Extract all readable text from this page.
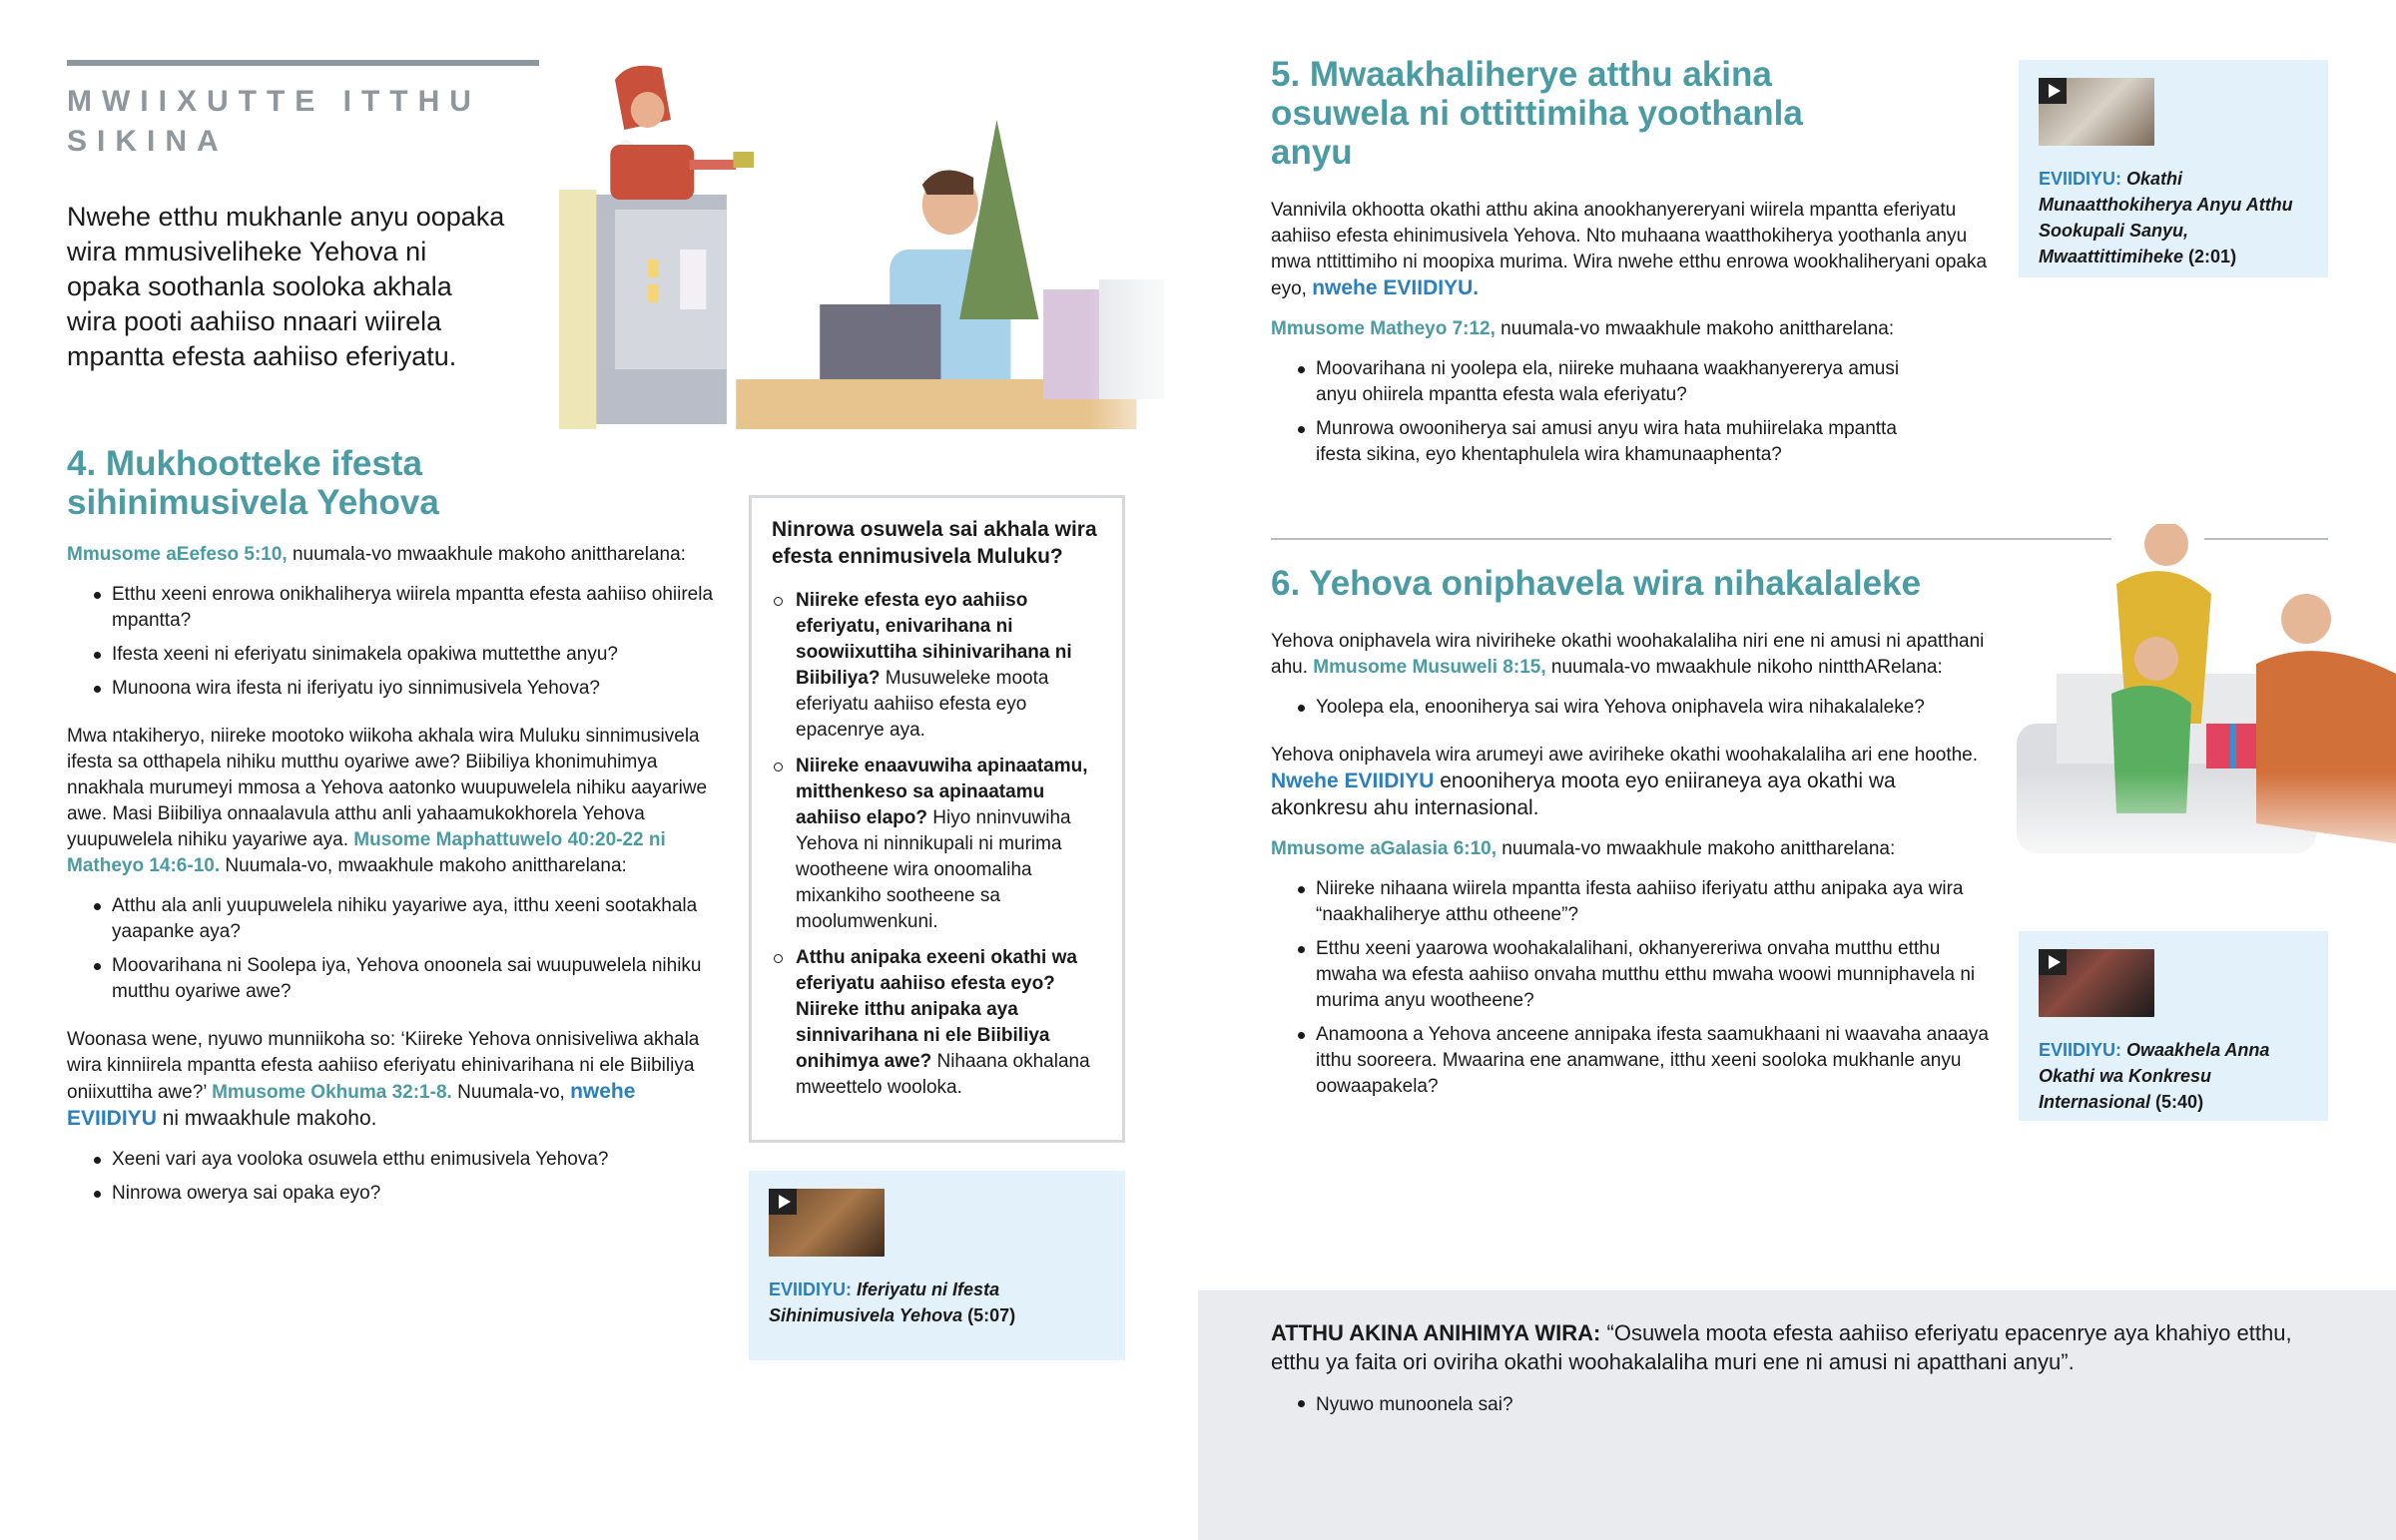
MWIIXUTTE ITTHU SIKINA
Nwehe etthu mukhanle anyu oopaka wira mmusiveliheke Yehova ni opaka soothanla sooloka akhala wira pooti aahiiso nnaari wiirela mpantta efesta aahiiso eferiyatu.
4. Mukhootteke ifesta sihinimusivela Yehova

Mmusome aEefeso 5:10, nuumala-vo mwaakhule makoho anittharelana:

Etthu xeeni enrowa onikhaliherya wiirela mpantta efesta aahiiso ohiirela mpantta?
Ifesta xeeni ni eferiyatu sinimakela opakiwa muttetthe anyu?
Munoona wira ifesta ni iferiyatu iyo sinnimusivela Yehova?

Mwa ntakiheryo, niireke mootoko wiikoha akhala wira Muluku sinnimusivela ifesta sa otthapela nihiku mutthu oyariwe awe? Biibiliya khonimuhimya nnakhala murumeyi mmosa a Yehova aatonko wuupuwelela nihiku aayariwe awe. Masi Biibiliya onnaalavula atthu anli yahaamukokhorela Yehova yuupuwelela nihiku yayariwe aya. Musome Maphattuwelo 40:20-22 ni Matheyo 14:6-10. Nuumala-vo, mwaakhule makoho anittharelana:

Atthu ala anli yuupuwelela nihiku yayariwe aya, itthu xeeni sootakhala yaapanke aya?
Moovarihana ni Soolepa iya, Yehova onoonela sai wuupuwelela nihiku mutthu oyariwe awe?

Woonasa wene, nyuwo munniikoha so: ‘Kiireke Yehova onnisiveliwa akhala wira kinniirela mpantta efesta aahiiso eferiyatu ehinivarihana ni ele Biibiliya oniixuttiha awe?’ Mmusome Okhuma 32:1-8. Nuumala-vo, nwehe EVIIDIYU ni mwaakhule makoho.

Xeeni vari aya vooloka osuwela etthu enimusivela Yehova?
Ninrowa owerya sai opaka eyo?
Ninrowa osuwela sai akhala wira efesta ennimusivela Muluku?
Niireke efesta eyo aahiiso eferiyatu, enivarihana ni soowiixuttiha sihinivarihana ni Biibiliya? Musuweleke moota eferiyatu aahiiso efesta eyo epacenrye aya.
Niireke enaavuwiha apinaatamu, mitthenkeso sa apinaatamu aahiiso elapo? Hiyo nninvuwiha Yehova ni ninnikupali ni murima wootheene wira onoomaliha mixankiho sootheene sa moolumwenkuni.
Atthu anipaka exeeni okathi wa eferiyatu aahiiso efesta eyo? Niireke itthu anipaka aya sinnivarihana ni ele Biibiliya onihimya awe? Nihaana okhalana mweettelo wooloka.
EVIIDIYU: Iferiyatu ni Ifesta Sihinimusivela Yehova (5:07)
5. Mwaakhaliherye atthu akina osuwela ni ottittimiha yoothanla anyu

Vannivila okhootta okathi atthu akina anookhanyereryani wiirela mpantta eferiyatu aahiiso efesta ehinimusivela Yehova. Nto muhaana waatthokiherya yoothanla anyu mwa nttittimiho ni moopixa murima. Wira nwehe etthu enrowa wookhaliheryani opaka eyo, nwehe EVIIDIYU.

Mmusome Matheyo 7:12, nuumala-vo mwaakhule makoho anittharelana:

Moovarihana ni yoolepa ela, niireke muhaana waakhanyererya amusi anyu ohiirela mpantta efesta wala eferiyatu?
Munrowa owooniherya sai amusi anyu wira hata muhiirelaka mpantta ifesta sikina, eyo khentaphulela wira khamunaaphenta?
EVIIDIYU: Okathi Munaatthokiherya Anyu Atthu Sookupali Sanyu, Mwaattittimiheke (2:01)
6. Yehova oniphavela wira nihakalaleke

Yehova oniphavela wira niviriheke okathi woohakalaliha niri ene ni amusi ni apatthani ahu. Mmusome Musuweli 8:15, nuumala-vo mwaakhule nikoho nintthARelana:

Yoolepa ela, enooniherya sai wira Yehova oniphavela wira nihakalaleke?

Yehova oniphavela wira arumeyi awe aviriheke okathi woohakalaliha ari ene hoothe. Nwehe EVIIDIYU enooniherya moota eyo eniiraneya aya okathi wa akonkresu ahu internasional.

Mmusome aGalasia 6:10, nuumala-vo mwaakhule makoho anittharelana:

Niireke nihaana wiirela mpantta ifesta aahiiso iferiyatu atthu anipaka aya wira “naakhaliherye atthu otheene”?
Etthu xeeni yaarowa woohakalalihani, okhanyereriwa onvaha mutthu etthu mwaha wa efesta aahiiso onvaha mutthu etthu mwaha woowi munniphavela ni murima anyu wootheene?
Anamoona a Yehova anceene annipaka ifesta saamukhaani ni waavaha anaaya itthu sooreera. Mwaarina ene anamwane, itthu xeeni sooloka mukhanle anyu oowaapakela?
EVIIDIYU: Owaakhela Anna Okathi wa Konkresu Internasional (5:40)
ATTHU AKINA ANIHIMYA WIRA: “Osuwela moota efesta aahiiso eferiyatu epacenrye aya khahiyo etthu, etthu ya faita ori oviriha okathi woohakalaliha muri ene ni amusi ni apatthani anyu”.
Nyuwo munoonela sai?
